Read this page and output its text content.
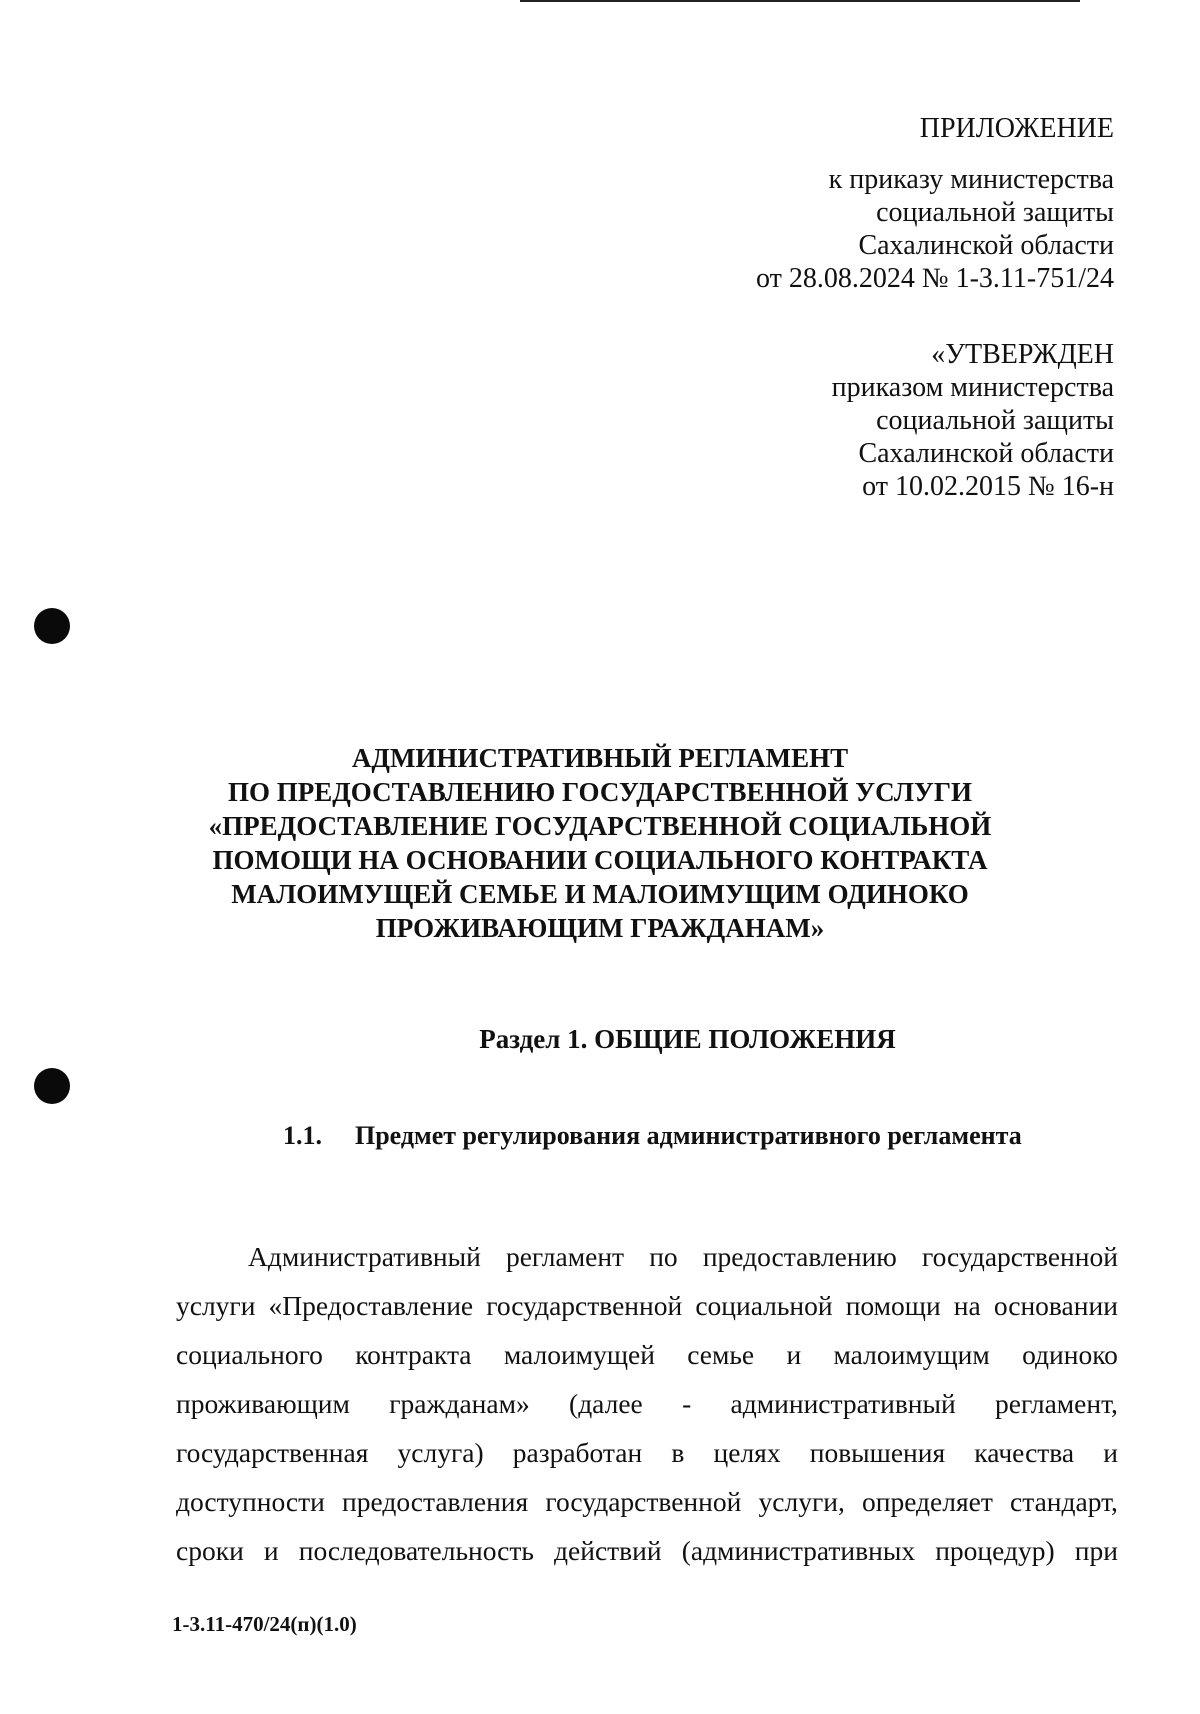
ПРИЛОЖЕНИЕ
к приказу министерства
социальной защиты
Сахалинской области
от 28.08.2024 № 1-3.11-751/24
«УТВЕРЖДЕН
приказом министерства
социальной защиты
Сахалинской области
от 10.02.2015 № 16-н
АДМИНИСТРАТИВНЫЙ РЕГЛАМЕНТ
ПО ПРЕДОСТАВЛЕНИЮ ГОСУДАРСТВЕННОЙ УСЛУГИ
«ПРЕДОСТАВЛЕНИЕ ГОСУДАРСТВЕННОЙ СОЦИАЛЬНОЙ
ПОМОЩИ НА ОСНОВАНИИ СОЦИАЛЬНОГО КОНТРАКТА
МАЛОИМУЩЕЙ СЕМЬЕ И МАЛОИМУЩИМ ОДИНОКО
ПРОЖИВАЮЩИМ ГРАЖДАНАМ»
Раздел 1. ОБЩИЕ ПОЛОЖЕНИЯ
1.1. Предмет регулирования административного регламента
Административный регламент по предоставлению государственной
услуги «Предоставление государственной социальной помощи на основании
социального контракта малоимущей семье и малоимущим одиноко
проживающим гражданам» (далее - административный регламент,
государственная услуга) разработан в целях повышения качества и
доступности предоставления государственной услуги, определяет стандарт,
сроки и последовательность действий (административных процедур) при
1-3.11-470/24(п)(1.0)
